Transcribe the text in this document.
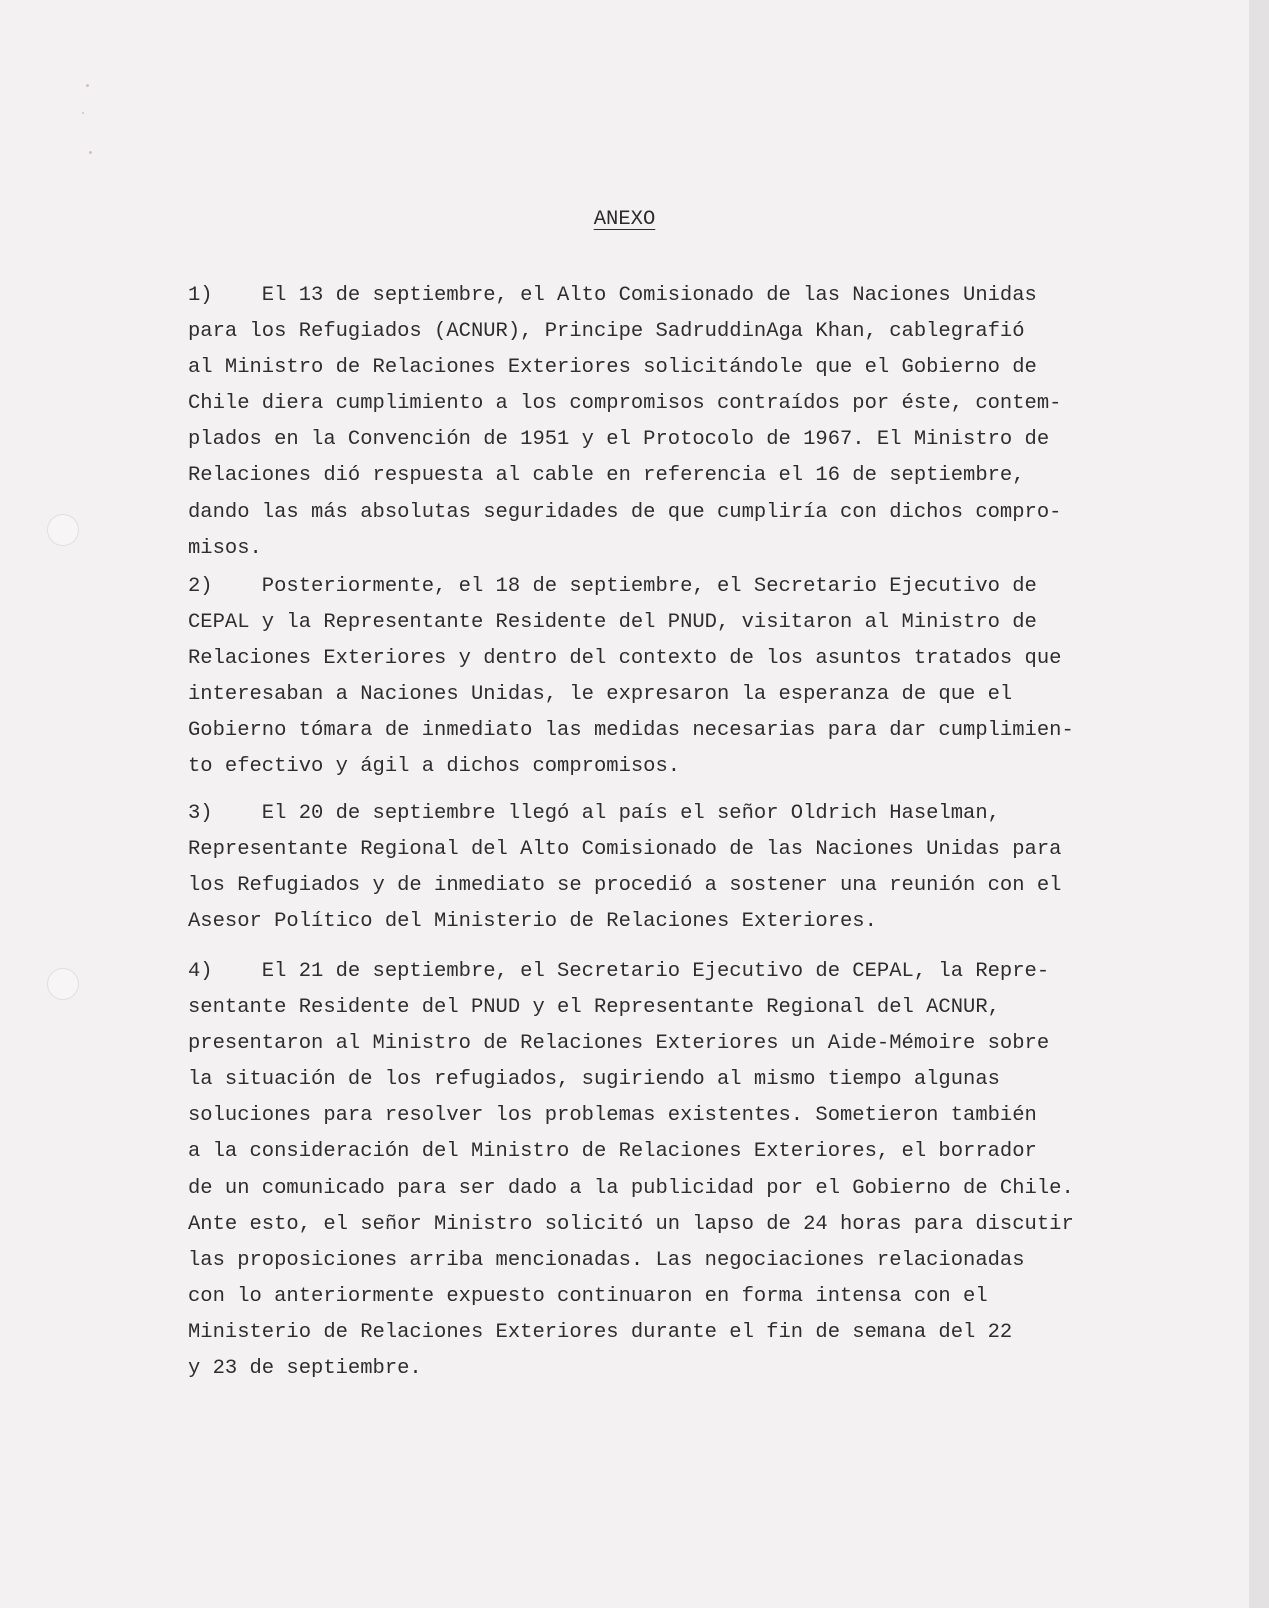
ANEXO
1)    El 13 de septiembre, el Alto Comisionado de las Naciones Unidas
para los Refugiados (ACNUR), Principe SadruddinAga Khan, cablegrafió
al Ministro de Relaciones Exteriores solicitándole que el Gobierno de
Chile diera cumplimiento a los compromisos contraídos por éste, contem-
plados en la Convención de 1951 y el Protocolo de 1967. El Ministro de
Relaciones dió respuesta al cable en referencia el 16 de septiembre,
dando las más absolutas seguridades de que cumpliría con dichos compro-
misos.
2)    Posteriormente, el 18 de septiembre, el Secretario Ejecutivo de
CEPAL y la Representante Residente del PNUD, visitaron al Ministro de
Relaciones Exteriores y dentro del contexto de los asuntos tratados que
interesaban a Naciones Unidas, le expresaron la esperanza de que el
Gobierno tómara de inmediato las medidas necesarias para dar cumplimien-
to efectivo y ágil a dichos compromisos.
3)    El 20 de septiembre llegó al país el señor Oldrich Haselman,
Representante Regional del Alto Comisionado de las Naciones Unidas para
los Refugiados y de inmediato se procedió a sostener una reunión con el
Asesor Político del Ministerio de Relaciones Exteriores.
4)    El 21 de septiembre, el Secretario Ejecutivo de CEPAL, la Repre-
sentante Residente del PNUD y el Representante Regional del ACNUR,
presentaron al Ministro de Relaciones Exteriores un Aide-Mémoire sobre
la situación de los refugiados, sugiriendo al mismo tiempo algunas
soluciones para resolver los problemas existentes. Sometieron también
a la consideración del Ministro de Relaciones Exteriores, el borrador
de un comunicado para ser dado a la publicidad por el Gobierno de Chile.
Ante esto, el señor Ministro solicitó un lapso de 24 horas para discutir
las proposiciones arriba mencionadas. Las negociaciones relacionadas
con lo anteriormente expuesto continuaron en forma intensa con el
Ministerio de Relaciones Exteriores durante el fin de semana del 22
y 23 de septiembre.
